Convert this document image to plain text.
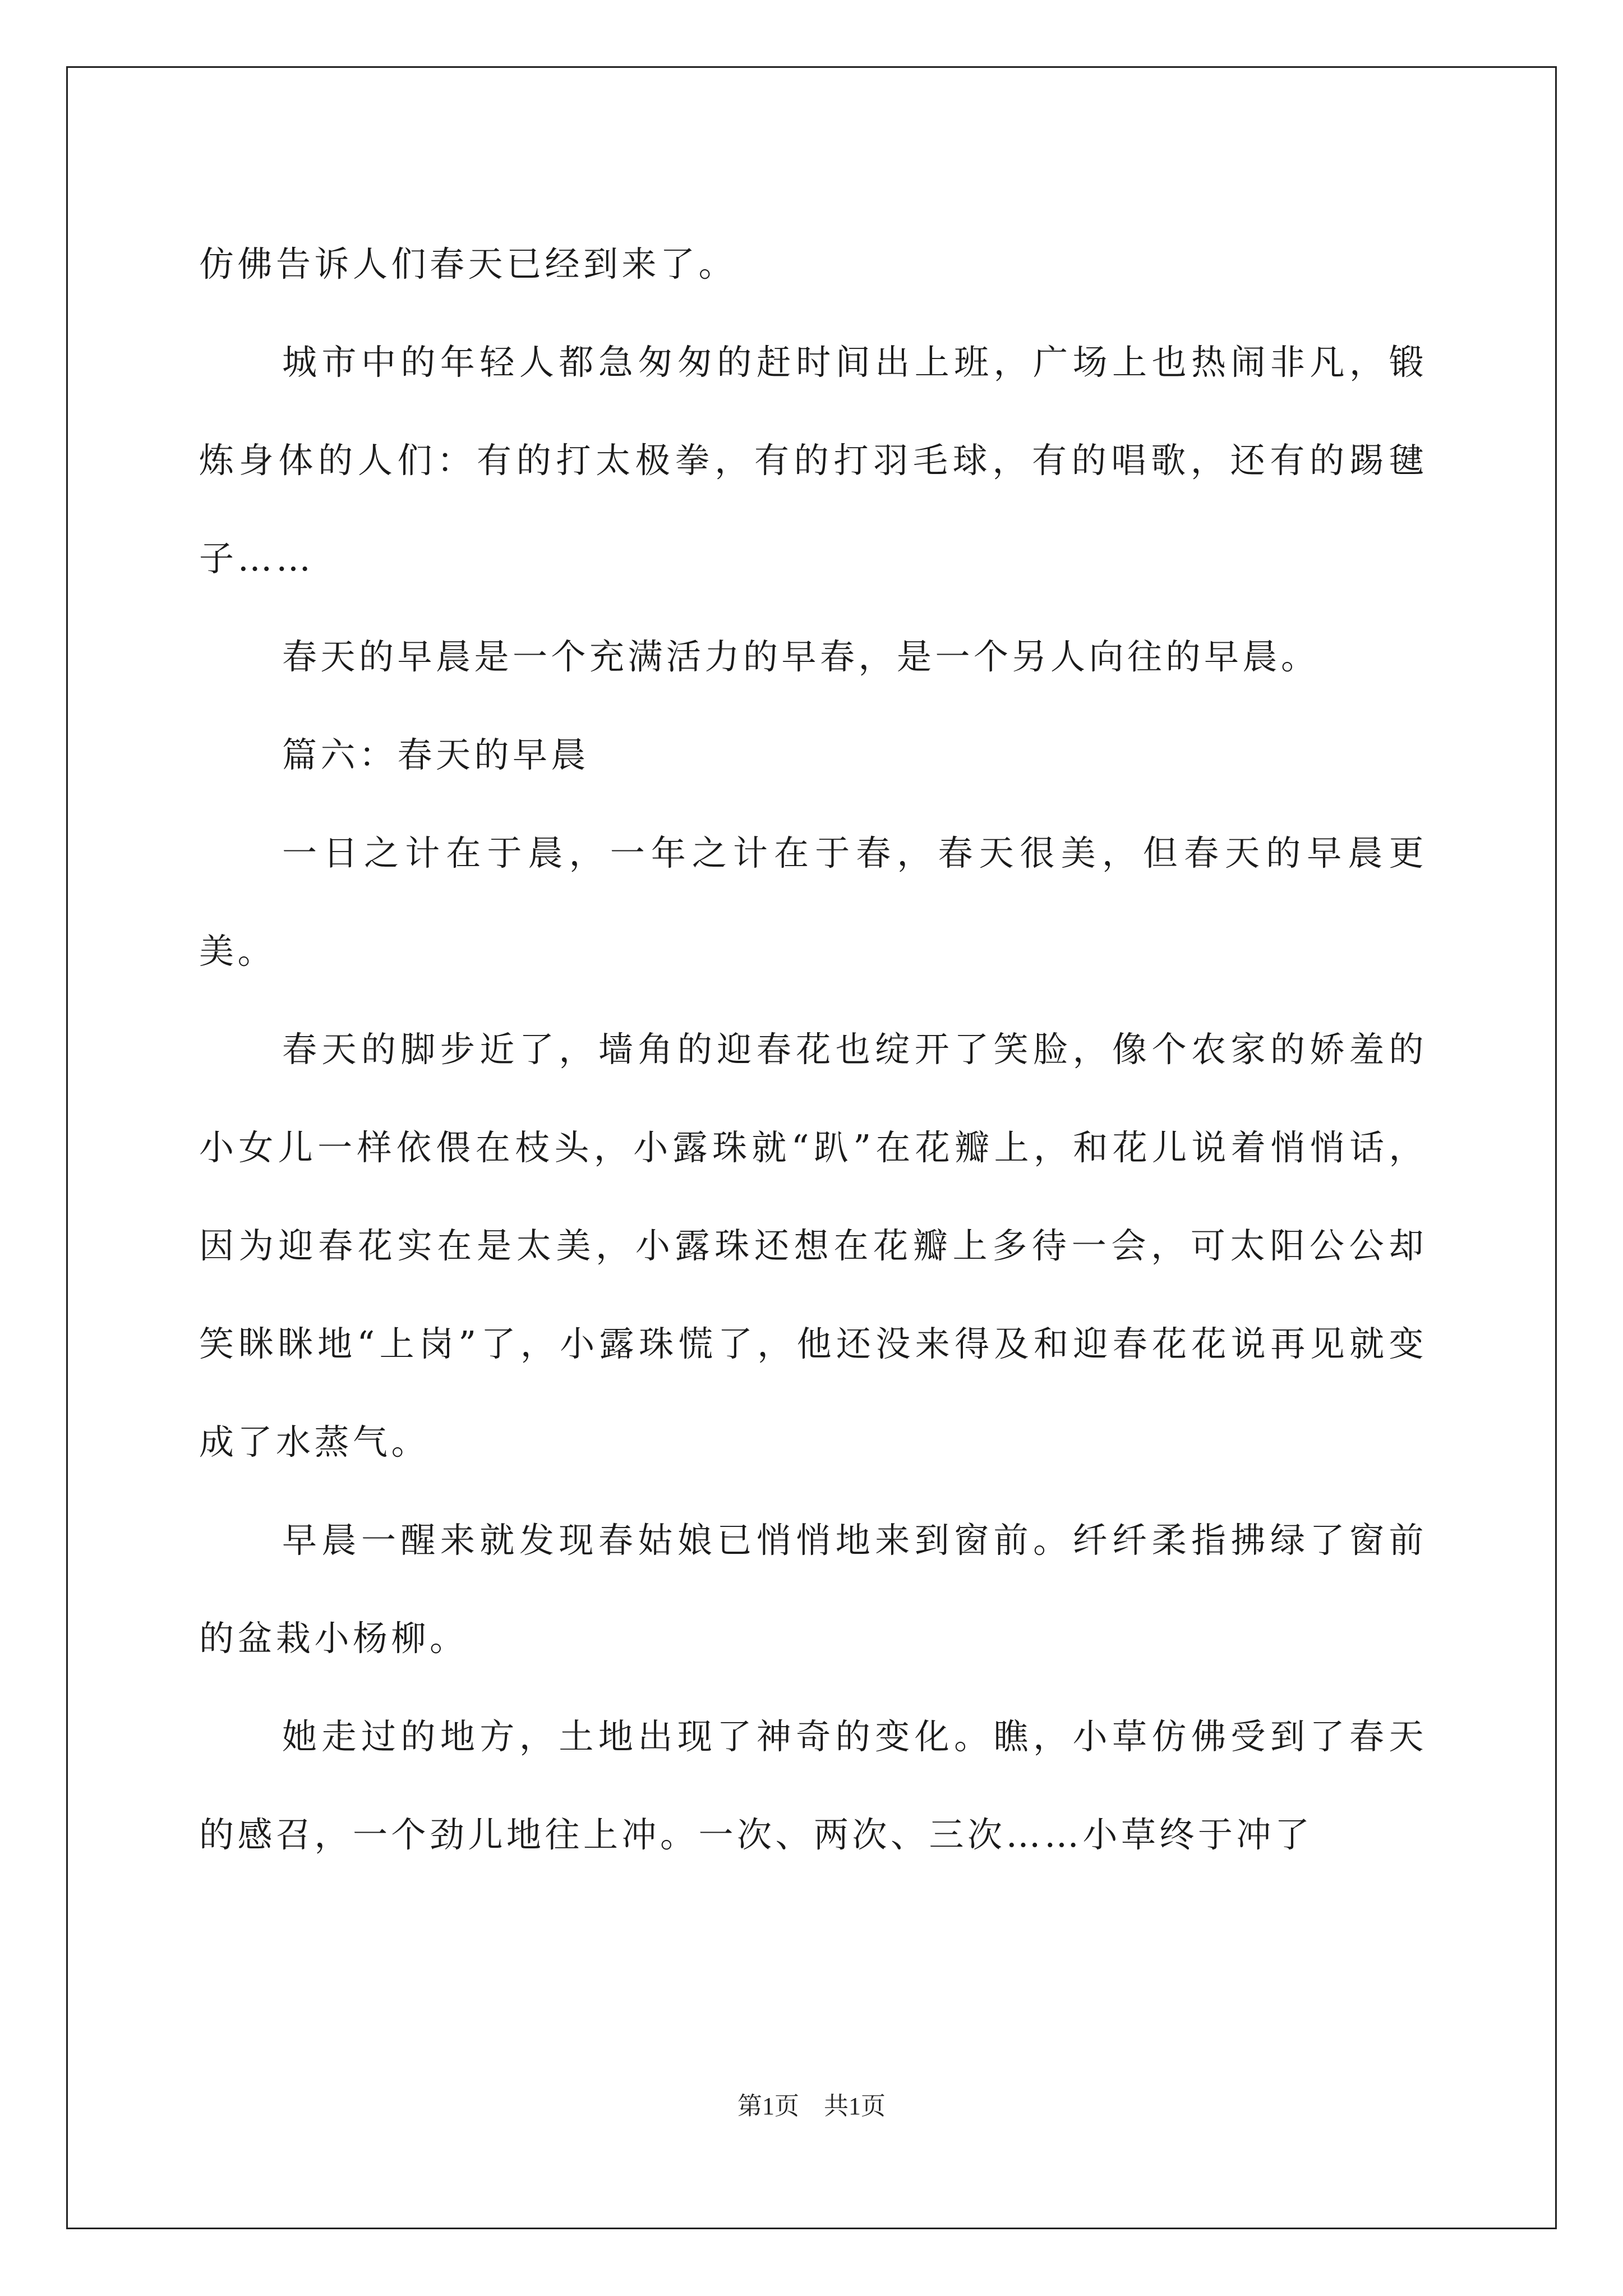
仿佛告诉人们春天已经到来了。

城市中的年轻人都急匆匆的赶时间出上班，广场上也热闹非凡，锻炼身体的人们：有的打太极拳，有的打羽毛球，有的唱歌，还有的踢毽子……

春天的早晨是一个充满活力的早春，是一个另人向往的早晨。

篇六：春天的早晨

一日之计在于晨，一年之计在于春，春天很美，但春天的早晨更美。

春天的脚步近了，墙角的迎春花也绽开了笑脸，像个农家的娇羞的小女儿一样依偎在枝头，小露珠就“趴”在花瓣上，和花儿说着悄悄话，因为迎春花实在是太美，小露珠还想在花瓣上多待一会，可太阳公公却笑眯眯地“上岗”了，小露珠慌了，他还没来得及和迎春花花说再见就变成了水蒸气。

早晨一醒来就发现春姑娘已悄悄地来到窗前。纤纤柔指拂绿了窗前的盆栽小杨柳。

她走过的地方，土地出现了神奇的变化。瞧，小草仿佛受到了春天的感召，一个劲儿地往上冲。一次、两次、三次……小草终于冲了

第1页 共1页
